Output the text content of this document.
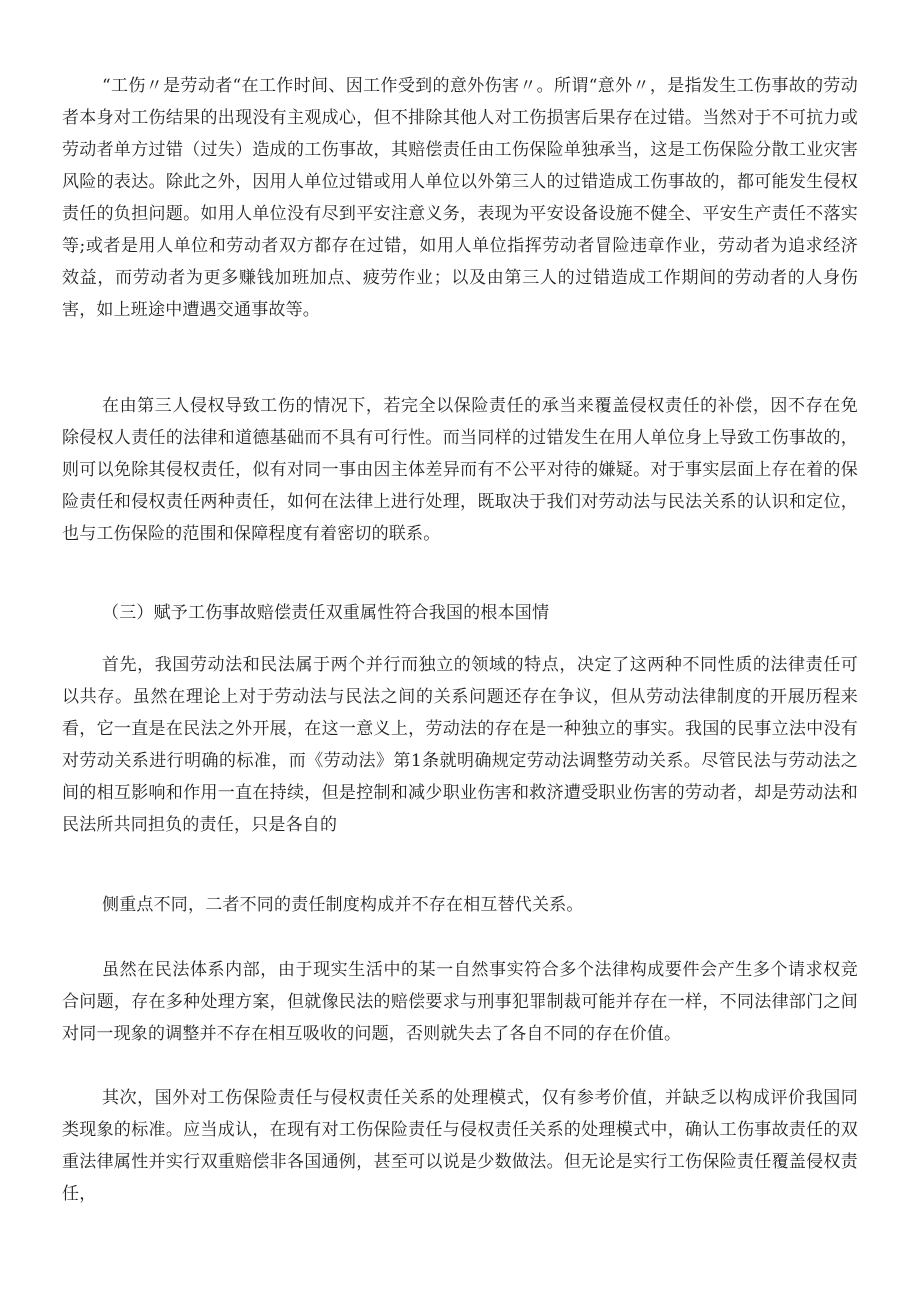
“工伤〃是劳动者“在工作时间、因工作受到的意外伤害〃。所谓“意外〃，是指发生工伤事故的劳动者本身对工伤结果的出现没有主观成心，但不排除其他人对工伤损害后果存在过错。当然对于不可抗力或劳动者单方过错（过失）造成的工伤事故，其赔偿责任由工伤保险单独承当，这是工伤保险分散工业灾害风险的表达。除此之外，因用人单位过错或用人单位以外第三人的过错造成工伤事故的，都可能发生侵权责任的负担问题。如用人单位没有尽到平安注意义务，表现为平安设备设施不健全、平安生产责任不落实等;或者是用人单位和劳动者双方都存在过错，如用人单位指挥劳动者冒险违章作业，劳动者为追求经济效益，而劳动者为更多赚钱加班加点、疲劳作业；以及由第三人的过错造成工作期间的劳动者的人身伤害，如上班途中遭遇交通事故等。

在由第三人侵权导致工伤的情况下，若完全以保险责任的承当来覆盖侵权责任的补偿，因不存在免除侵权人责任的法律和道德基础而不具有可行性。而当同样的过错发生在用人单位身上导致工伤事故的，则可以免除其侵权责任，似有对同一事由因主体差异而有不公平对待的嫌疑。对于事实层面上存在着的保险责任和侵权责任两种责任，如何在法律上进行处理，既取决于我们对劳动法与民法关系的认识和定位，也与工伤保险的范围和保障程度有着密切的联系。

（三）赋予工伤事故赔偿责任双重属性符合我国的根本国情

首先，我国劳动法和民法属于两个并行而独立的领域的特点，决定了这两种不同性质的法律责任可以共存。虽然在理论上对于劳动法与民法之间的关系问题还存在争议，但从劳动法律制度的开展历程来看，它一直是在民法之外开展，在这一意义上，劳动法的存在是一种独立的事实。我国的民事立法中没有对劳动关系进行明确的标准，而《劳动法》第1条就明确规定劳动法调整劳动关系。尽管民法与劳动法之间的相互影响和作用一直在持续，但是控制和减少职业伤害和救济遭受职业伤害的劳动者，却是劳动法和民法所共同担负的责任，只是各自的

侧重点不同，二者不同的责任制度构成并不存在相互替代关系。

虽然在民法体系内部，由于现实生活中的某一自然事实符合多个法律构成要件会产生多个请求权竞合问题，存在多种处理方案，但就像民法的赔偿要求与刑事犯罪制裁可能并存在一样，不同法律部门之间对同一现象的调整并不存在相互吸收的问题，否则就失去了各自不同的存在价值。

其次，国外对工伤保险责任与侵权责任关系的处理模式，仅有参考价值，并缺乏以构成评价我国同类现象的标准。应当成认，在现有对工伤保险责任与侵权责任关系的处理模式中，确认工伤事故责任的双重法律属性并实行双重赔偿非各国通例，甚至可以说是少数做法。但无论是实行工伤保险责任覆盖侵权责任，
